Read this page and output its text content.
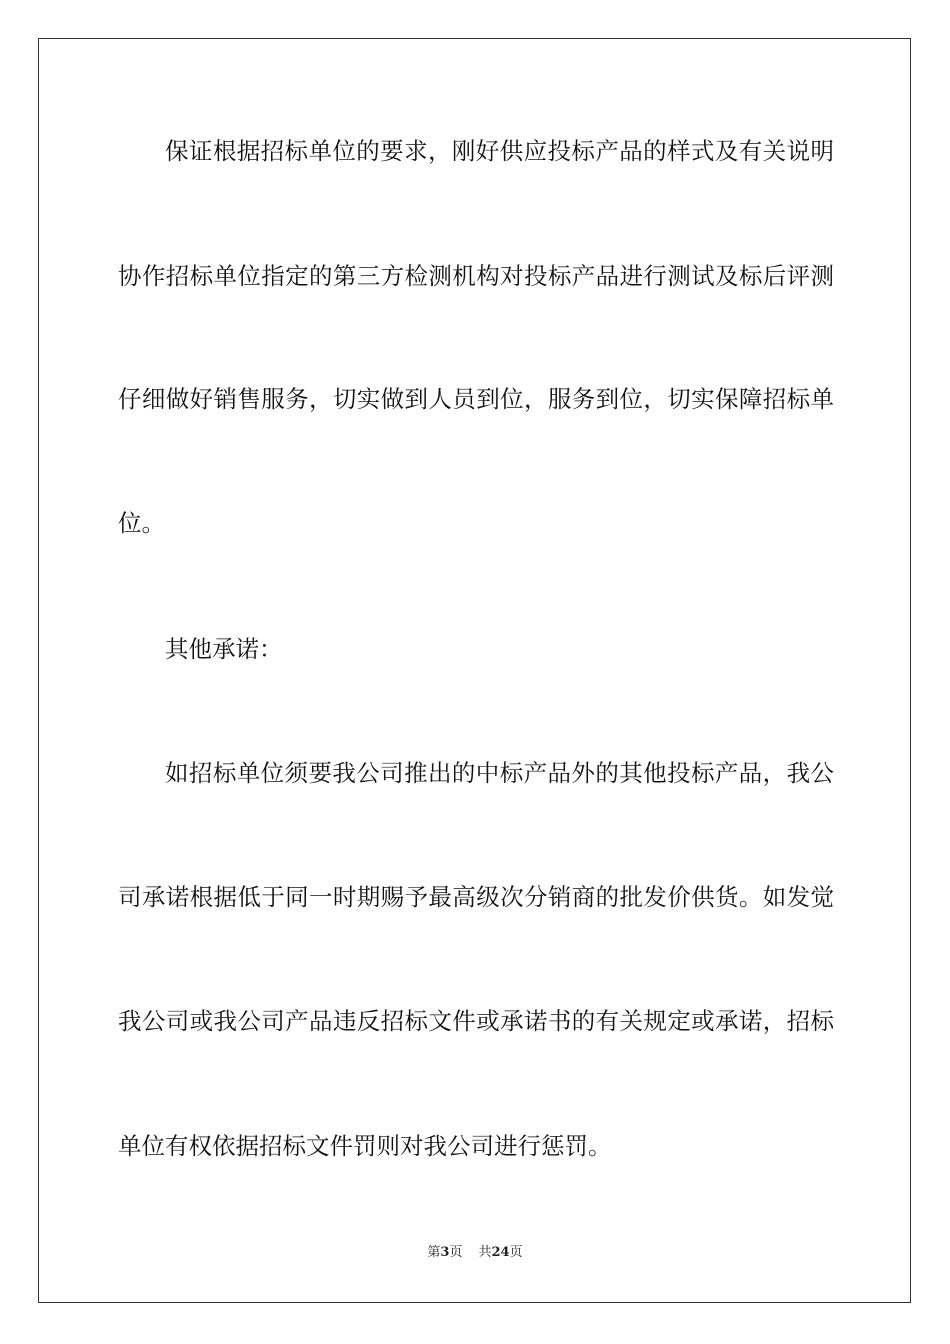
保证根据招标单位的要求，刚好供应投标产品的样式及有关说明
协作招标单位指定的第三方检测机构对投标产品进行测试及标后评测
仔细做好销售服务，切实做到人员到位，服务到位，切实保障招标单
位。
其他承诺：
如招标单位须要我公司推出的中标产品外的其他投标产品，我公
司承诺根据低于同一时期赐予最高级次分销商的批发价供货。如发觉
我公司或我公司产品违反招标文件或承诺书的有关规定或承诺，招标
单位有权依据招标文件罚则对我公司进行惩罚。
第3页 共24页
